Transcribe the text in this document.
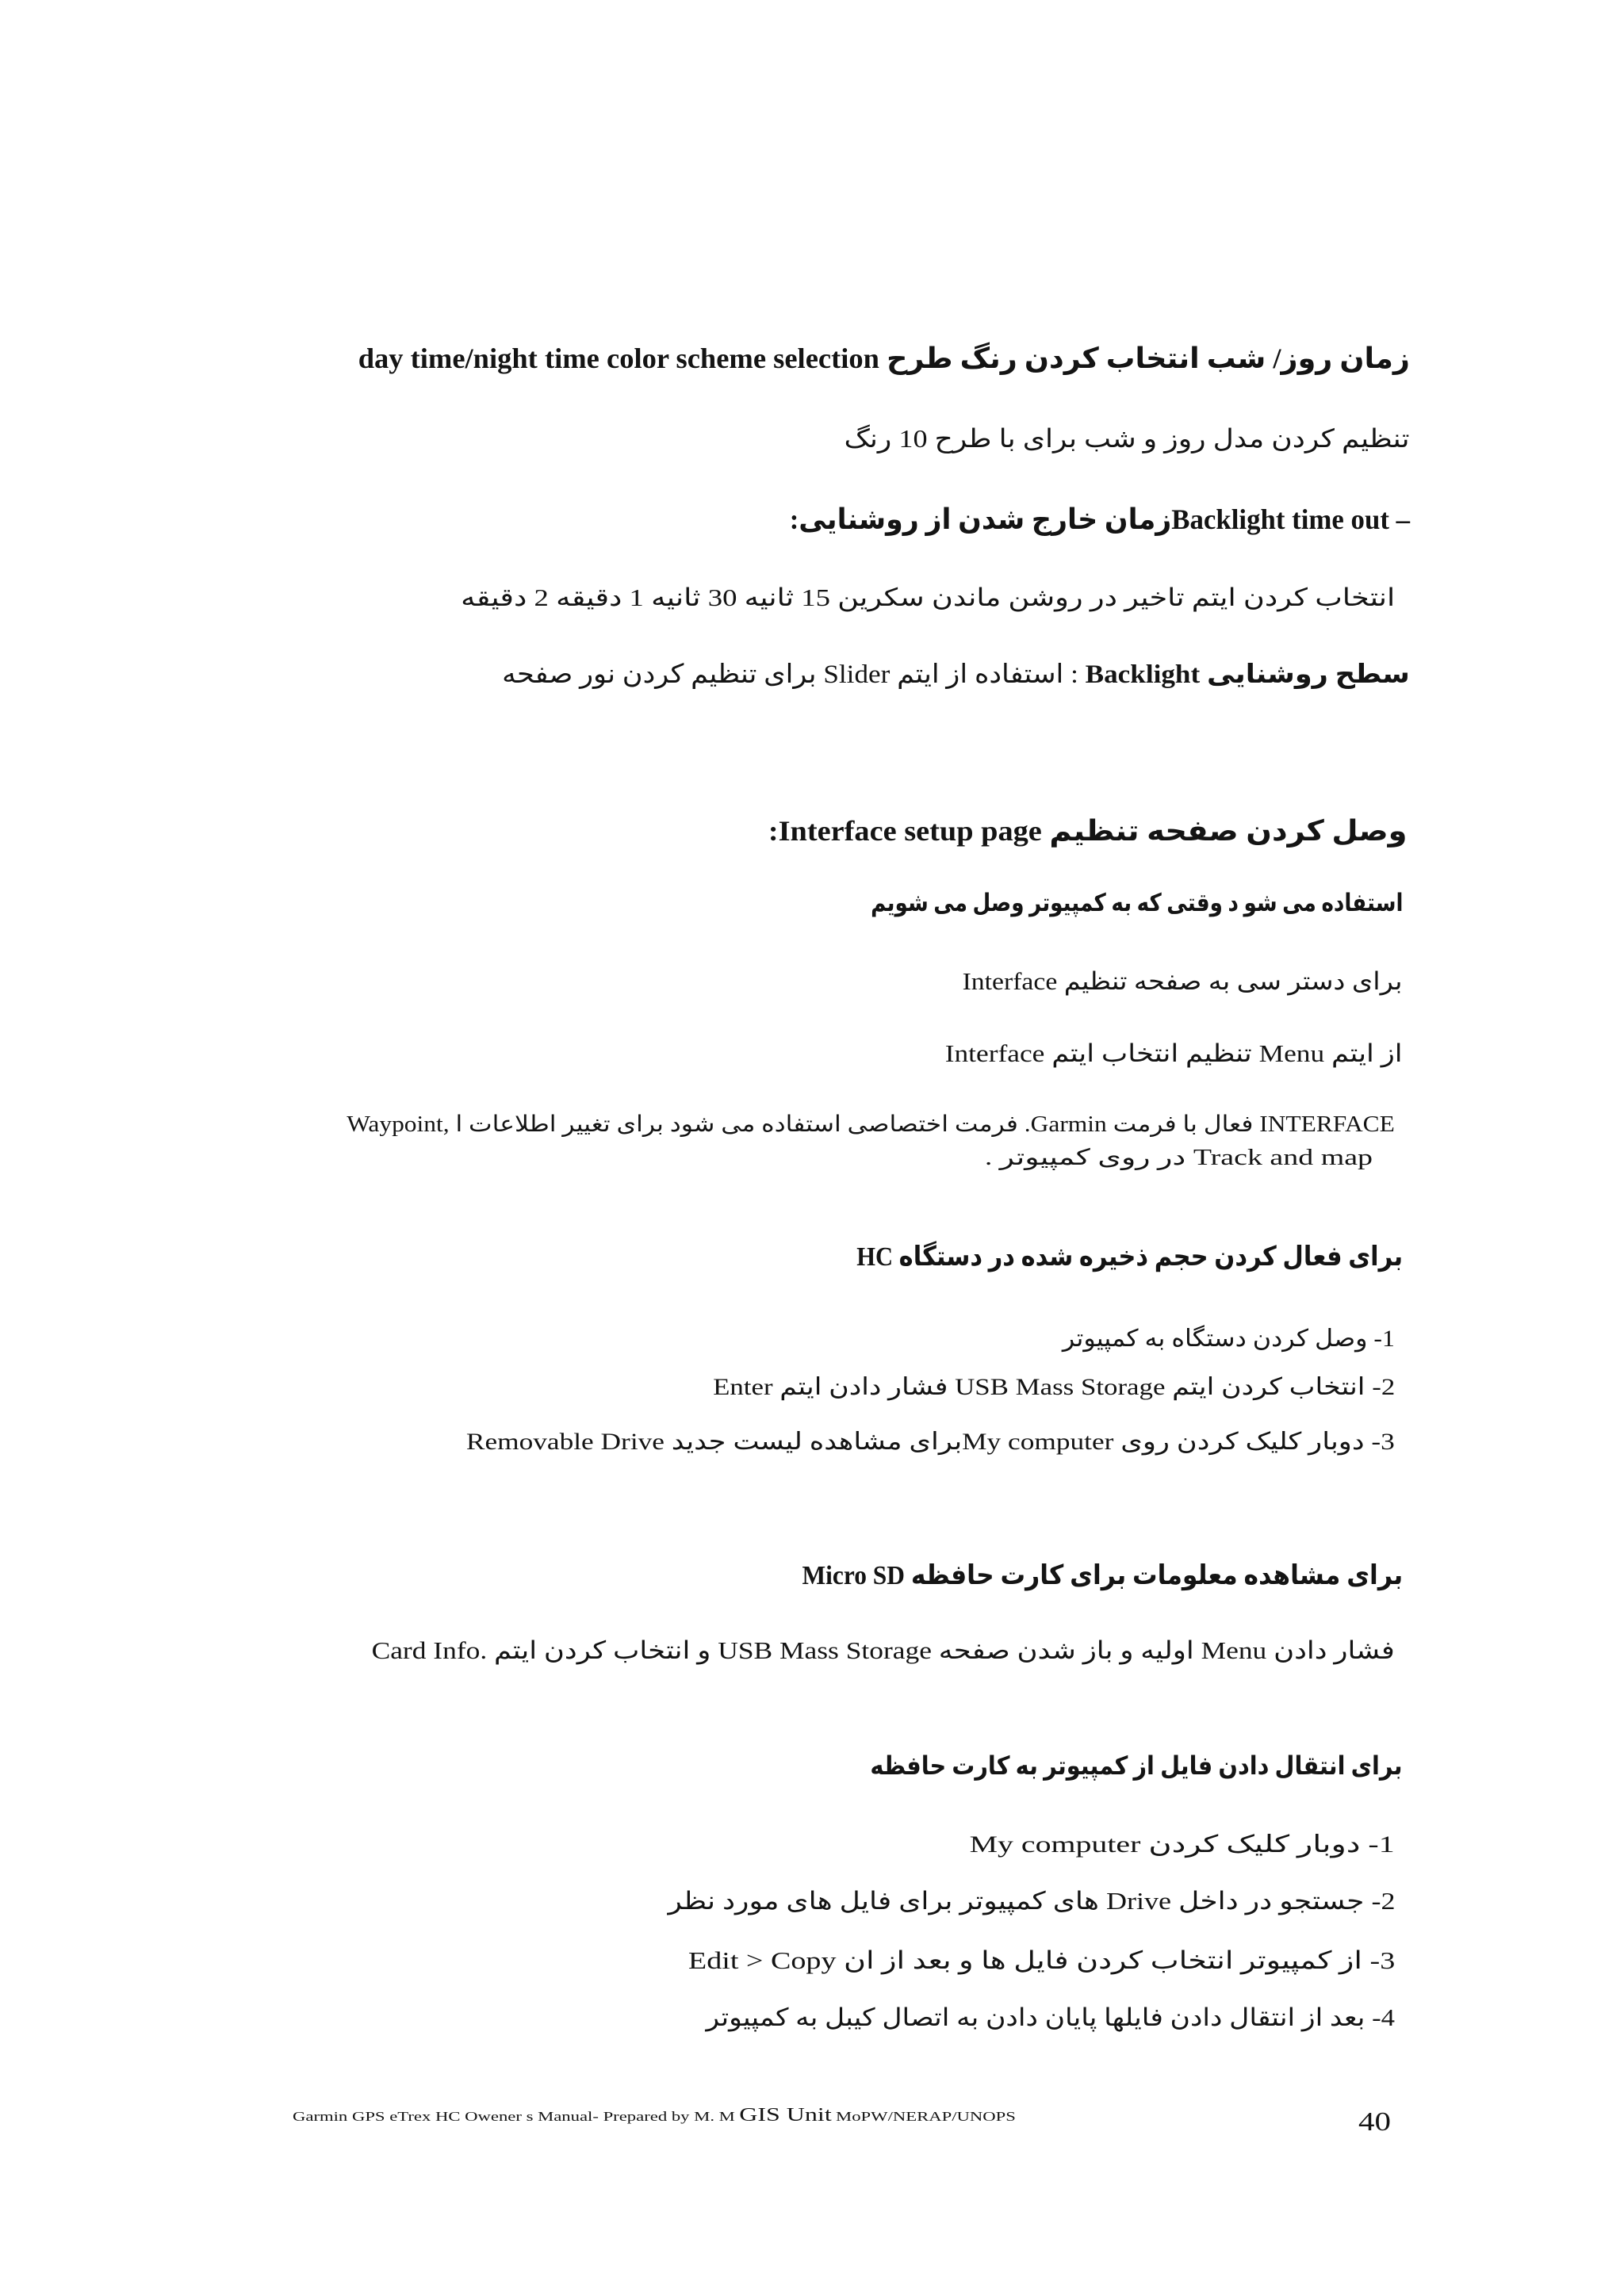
زمان روز/ شب انتخاب کردن رنگ طرح day time/night time color scheme selection
تنظیم کردن مدل روز و شب برای با طرح 10 رنگ
– Backlight time outزمان خارج شدن از روشنایی:
انتخاب کردن ایتم تاخیر در روشن ماندن سکرین 15 ثانیه 30 ثانیه 1 دقیقه 2 دقیقه
سطح روشنایی Backlight : استفاده از ایتم Slider برای تنظیم کردن نور صفحه
وصل کردن صفحه تنظیم Interface setup page:
استفاده می شو د وقتی که به کمپیوتر وصل می شویم
برای دستر سی به صفحه تنظیم Interface
از ایتم Menu تنظیم انتخاب ایتم Interface
INTERFACE فعال با فرمت Garmin. فرمت اختصاصی استفاده می شود برای تغییر اطلاعات ا Waypoint,
Track and map در روی کمپیوتر .
برای فعال کردن حجم ذخیره شده در دستگاه HC
1- وصل کردن دستگاه به کمپیوتر
2- انتخاب کردن ایتم USB Mass Storage فشار دادن ایتم Enter
3- دوبار کلیک کردن روی My computerبرای مشاهده لیست جدید Removable Drive
برای مشاهده معلومات برای کارت حافظه Micro SD
فشار دادن Menu اولیه و باز شدن صفحه USB Mass Storage و انتخاب کردن ایتم .Card Info
برای انتقال دادن فایل از کمپیوتر به کارت حافظه
1- دوبار کلیک کردن My computer
2- جستجو در داخل Drive های کمپیوتر برای فایل های مورد نظر
3- از کمپیوتر انتخاب کردن فایل ها و بعد از ان Edit > Copy
4- بعد از انتقال دادن فایلها پایان دادن به اتصال کیبل به کمپیوتر
Garmin GPS eTrex HC Owener s Manual- Prepared by M. M GIS Unit MoPW/NERAP/UNOPS	40
